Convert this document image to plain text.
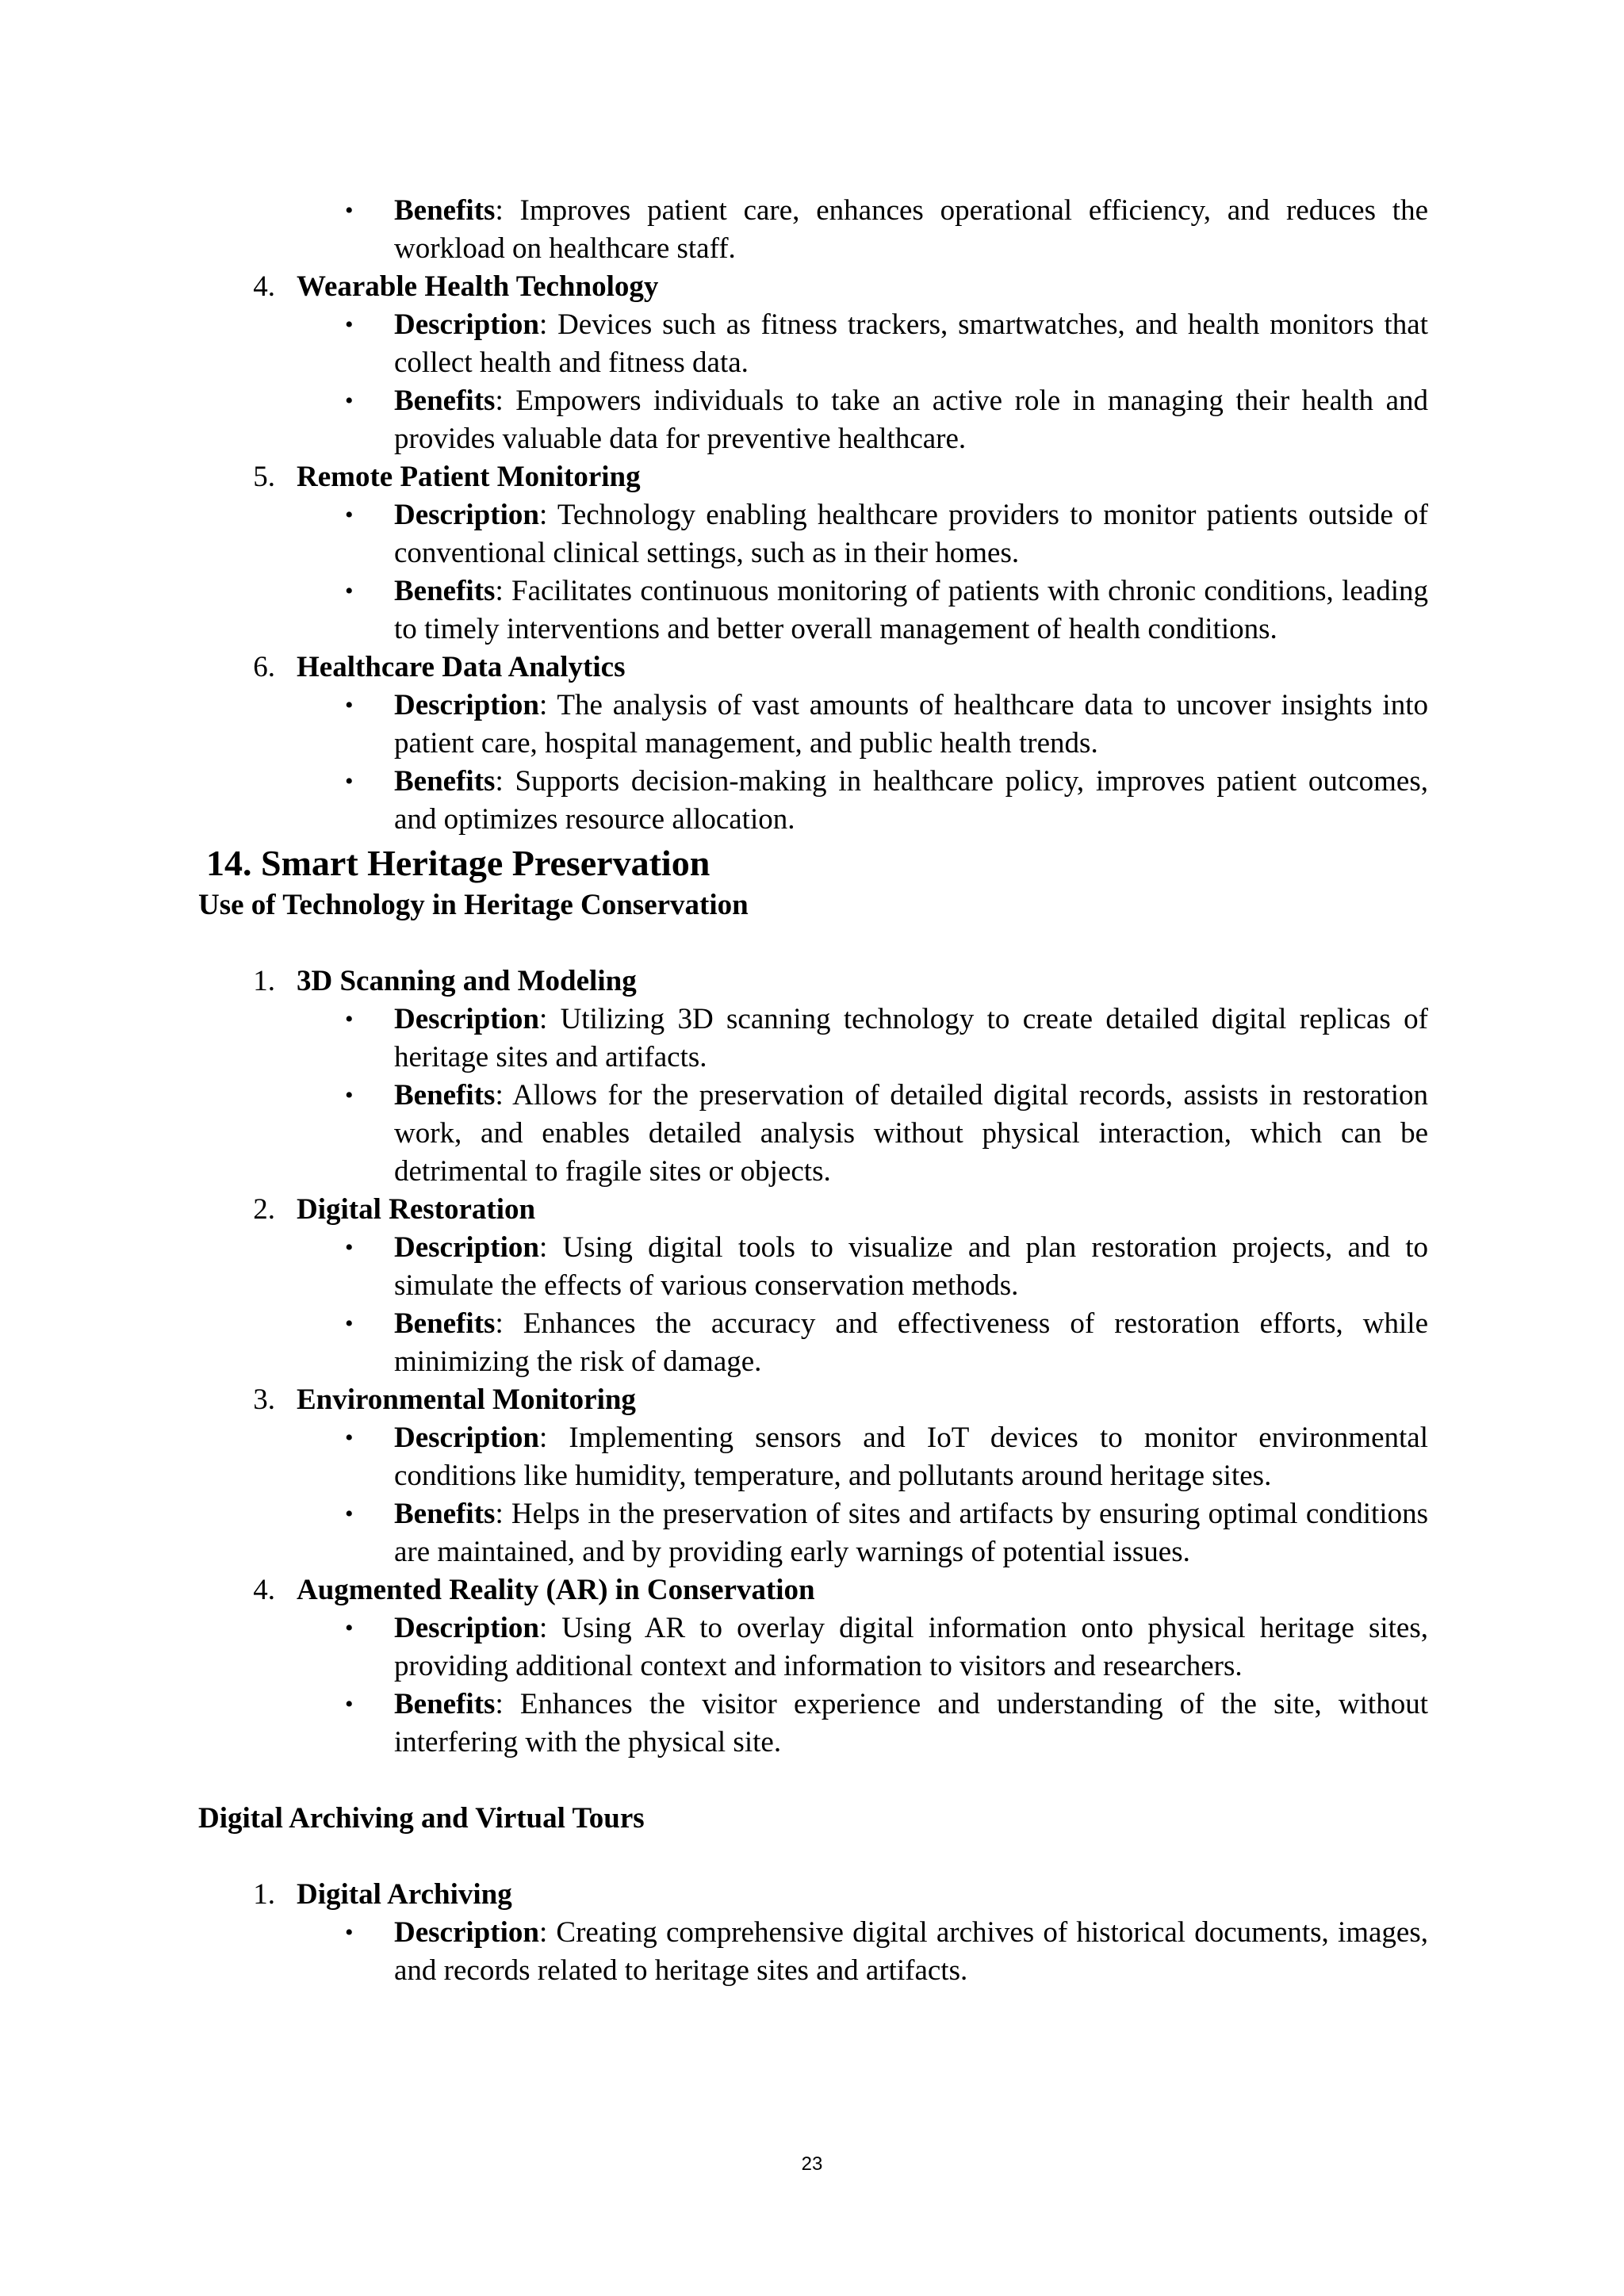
• Benefits: Improves patient care, enhances operational efficiency, and reduces the workload on healthcare staff.
4. Wearable Health Technology
• Description: Devices such as fitness trackers, smartwatches, and health monitors that collect health and fitness data.
• Benefits: Empowers individuals to take an active role in managing their health and provides valuable data for preventive healthcare.
5. Remote Patient Monitoring
• Description: Technology enabling healthcare providers to monitor patients outside of conventional clinical settings, such as in their homes.
• Benefits: Facilitates continuous monitoring of patients with chronic conditions, leading to timely interventions and better overall management of health conditions.
6. Healthcare Data Analytics
• Description: The analysis of vast amounts of healthcare data to uncover insights into patient care, hospital management, and public health trends.
• Benefits: Supports decision-making in healthcare policy, improves patient outcomes, and optimizes resource allocation.
14. Smart Heritage Preservation
Use of Technology in Heritage Conservation
1. 3D Scanning and Modeling
• Description: Utilizing 3D scanning technology to create detailed digital replicas of heritage sites and artifacts.
• Benefits: Allows for the preservation of detailed digital records, assists in restoration work, and enables detailed analysis without physical interaction, which can be detrimental to fragile sites or objects.
2. Digital Restoration
• Description: Using digital tools to visualize and plan restoration projects, and to simulate the effects of various conservation methods.
• Benefits: Enhances the accuracy and effectiveness of restoration efforts, while minimizing the risk of damage.
3. Environmental Monitoring
• Description: Implementing sensors and IoT devices to monitor environmental conditions like humidity, temperature, and pollutants around heritage sites.
• Benefits: Helps in the preservation of sites and artifacts by ensuring optimal conditions are maintained, and by providing early warnings of potential issues.
4. Augmented Reality (AR) in Conservation
• Description: Using AR to overlay digital information onto physical heritage sites, providing additional context and information to visitors and researchers.
• Benefits: Enhances the visitor experience and understanding of the site, without interfering with the physical site.
Digital Archiving and Virtual Tours
1. Digital Archiving
• Description: Creating comprehensive digital archives of historical documents, images, and records related to heritage sites and artifacts.
23
